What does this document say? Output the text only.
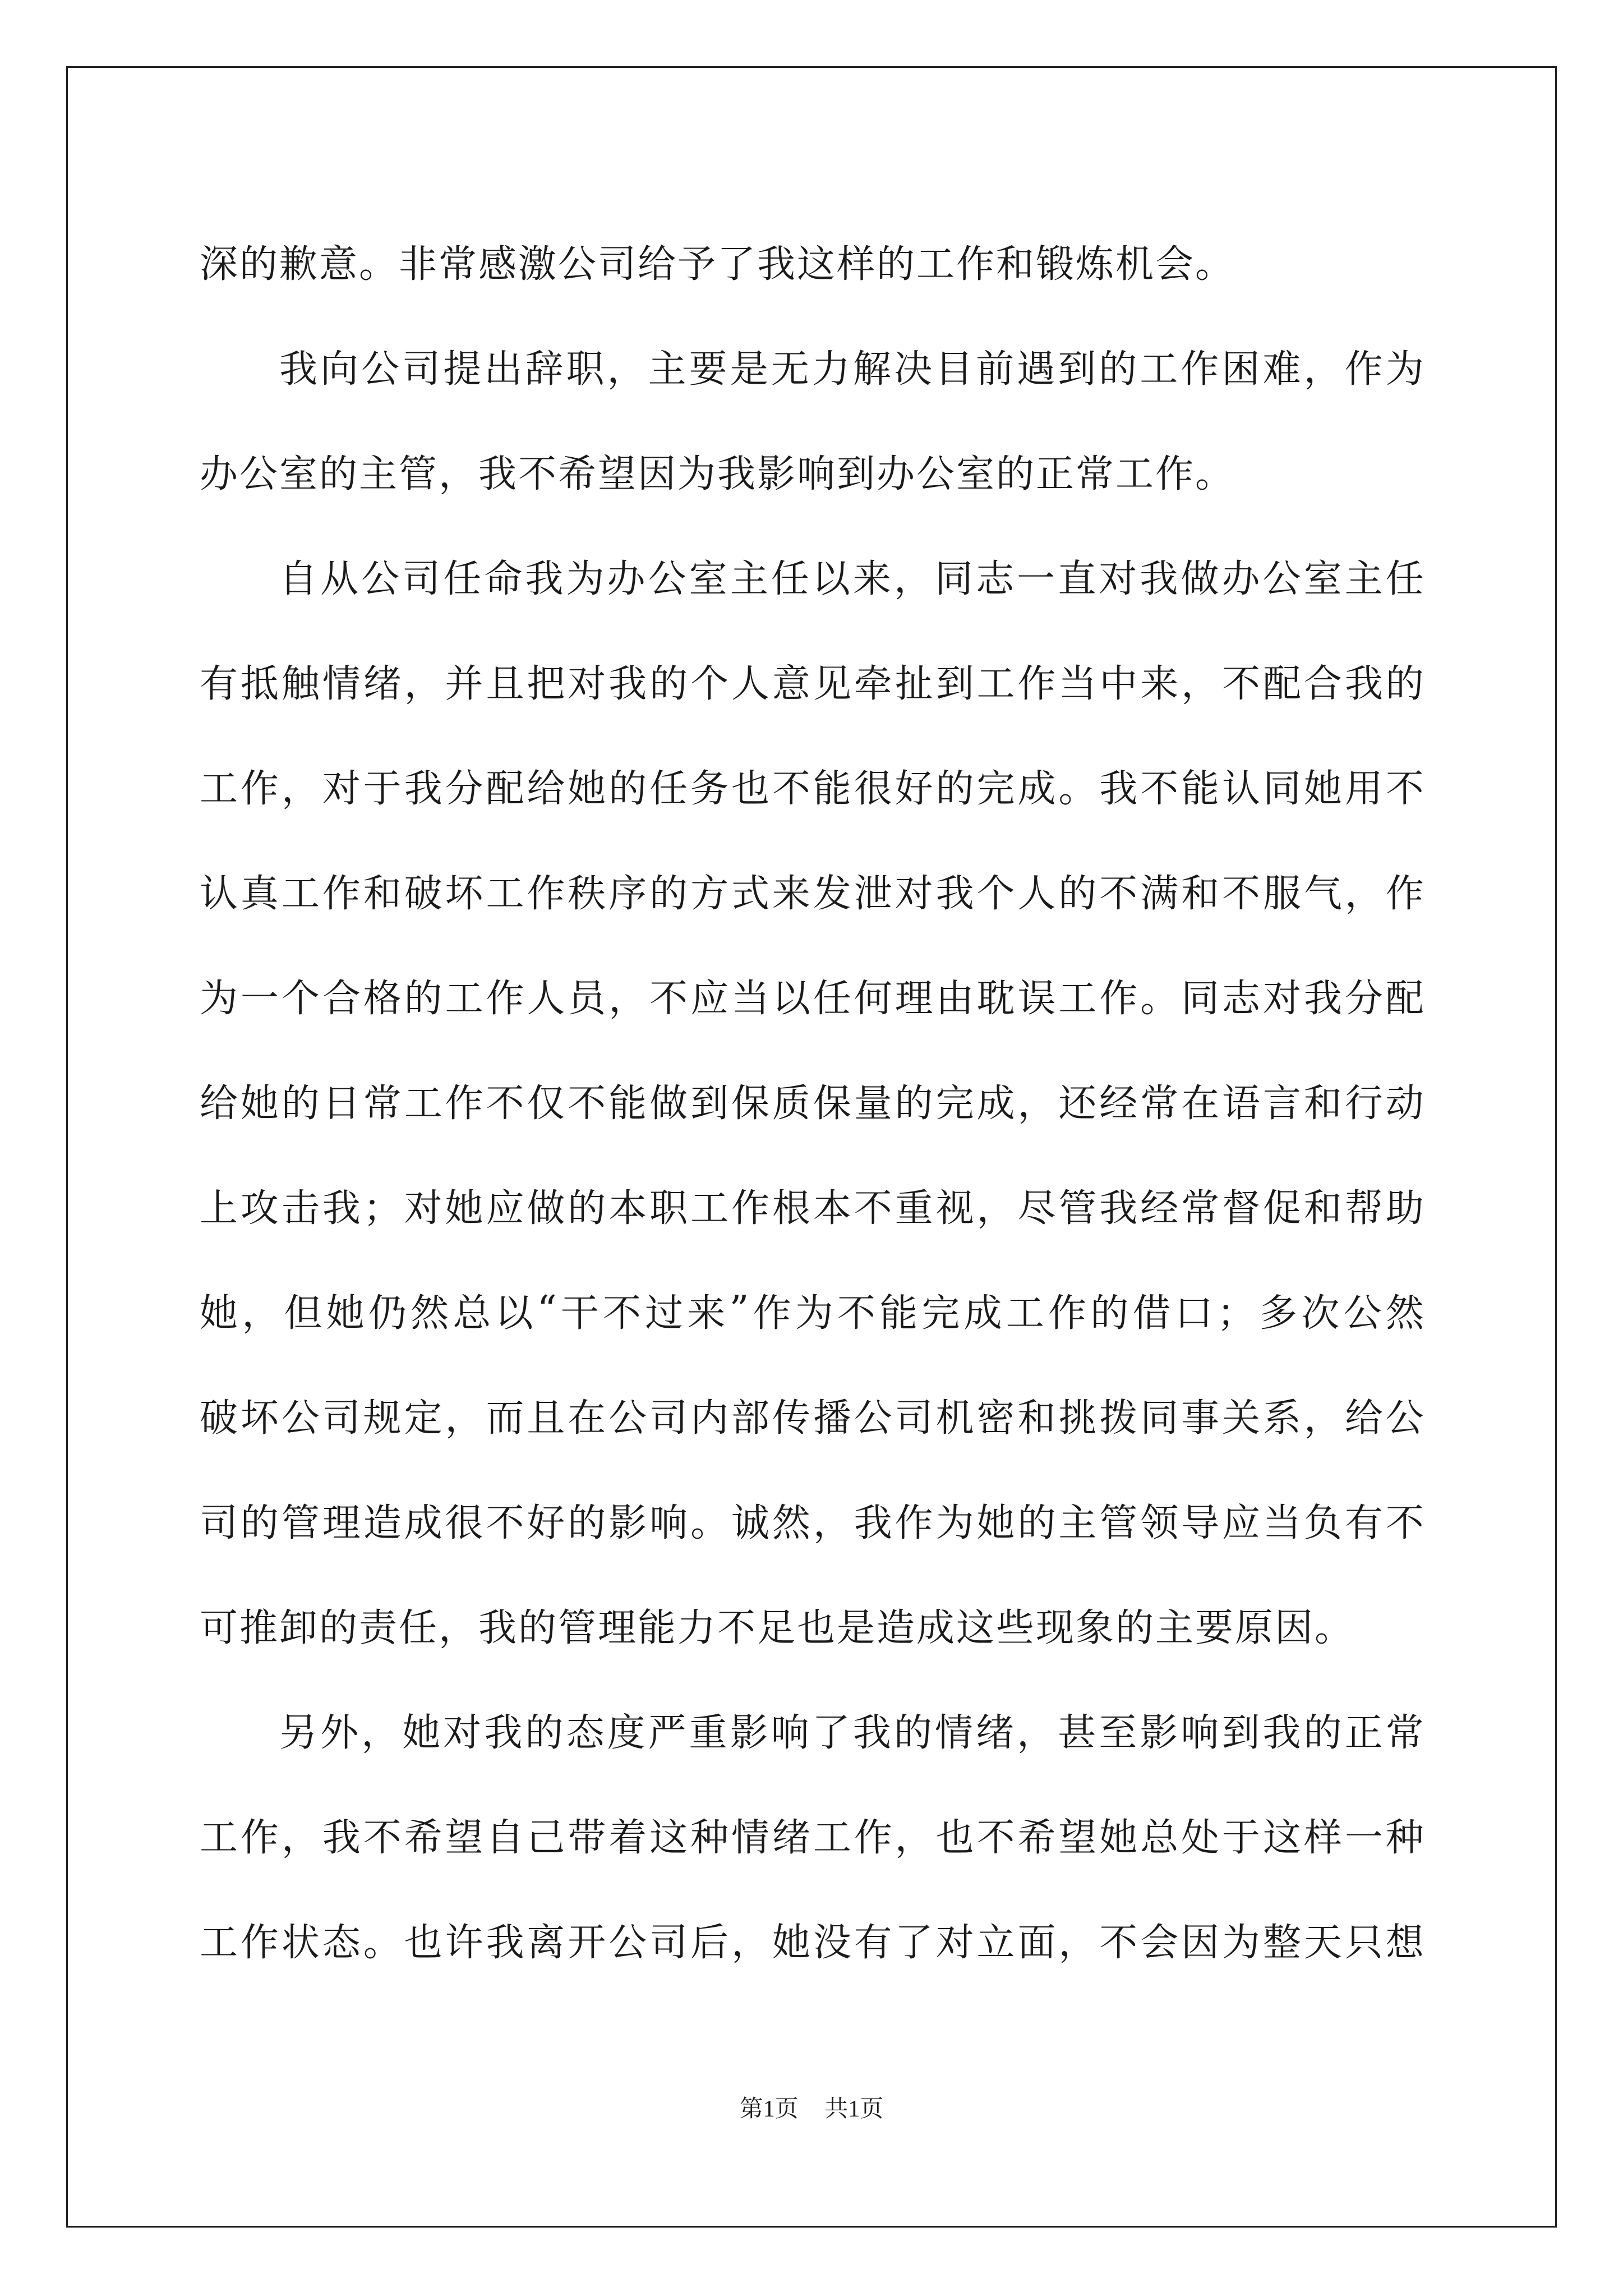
深的歉意。非常感激公司给予了我这样的工作和锻炼机会。
我 向 公 司 提 出 辞 职 ， 主 要 是 无 力 解 决 目 前 遇 到 的 工 作 困 难 ， 作 为
办公室的主管，我不希望因为我影响到办公室的正常工作。
自 从 公 司 任 命 我 为 办 公 室 主 任 以 来 ， 同 志 一 直 对 我 做 办 公 室 主 任
有 抵 触 情 绪 ， 并 且 把 对 我 的 个 人 意 见 牵 扯 到 工 作 当 中 来 ， 不 配 合 我 的
工 作 ， 对 于 我 分 配 给 她 的 任 务 也 不 能 很 好 的 完 成 。 我 不 能 认 同 她 用 不
认 真 工 作 和 破 坏 工 作 秩 序 的 方 式 来 发 泄 对 我 个 人 的 不 满 和 不 服 气 ， 作
为 一 个 合 格 的 工 作 人 员 ， 不 应 当 以 任 何 理 由 耽 误 工 作 。 同 志 对 我 分 配
给 她 的 日 常 工 作 不 仅 不 能 做 到 保 质 保 量 的 完 成 ， 还 经 常 在 语 言 和 行 动
上 攻 击 我 ； 对 她 应 做 的 本 职 工 作 根 本 不 重 视 ， 尽 管 我 经 常 督 促 和 帮 助
她 ， 但 她 仍 然 总 以 “ 干 不 过 来 ” 作 为 不 能 完 成 工 作 的 借 口 ； 多 次 公 然
破 坏 公 司 规 定 ， 而 且 在 公 司 内 部 传 播 公 司 机 密 和 挑 拨 同 事 关 系 ， 给 公
司 的 管 理 造 成 很 不 好 的 影 响 。 诚 然 ， 我 作 为 她 的 主 管 领 导 应 当 负 有 不
可推卸的责任，我的管理能力不足也是造成这些现象的主要原因。
另 外 ， 她 对 我 的 态 度 严 重 影 响 了 我 的 情 绪 ， 甚 至 影 响 到 我 的 正 常
工 作 ， 我 不 希 望 自 己 带 着 这 种 情 绪 工 作 ， 也 不 希 望 她 总 处 于 这 样 一 种
工 作 状 态 。 也 许 我 离 开 公 司 后 ， 她 没 有 了 对 立 面 ， 不 会 因 为 整 天 只 想
第1页 共1页
